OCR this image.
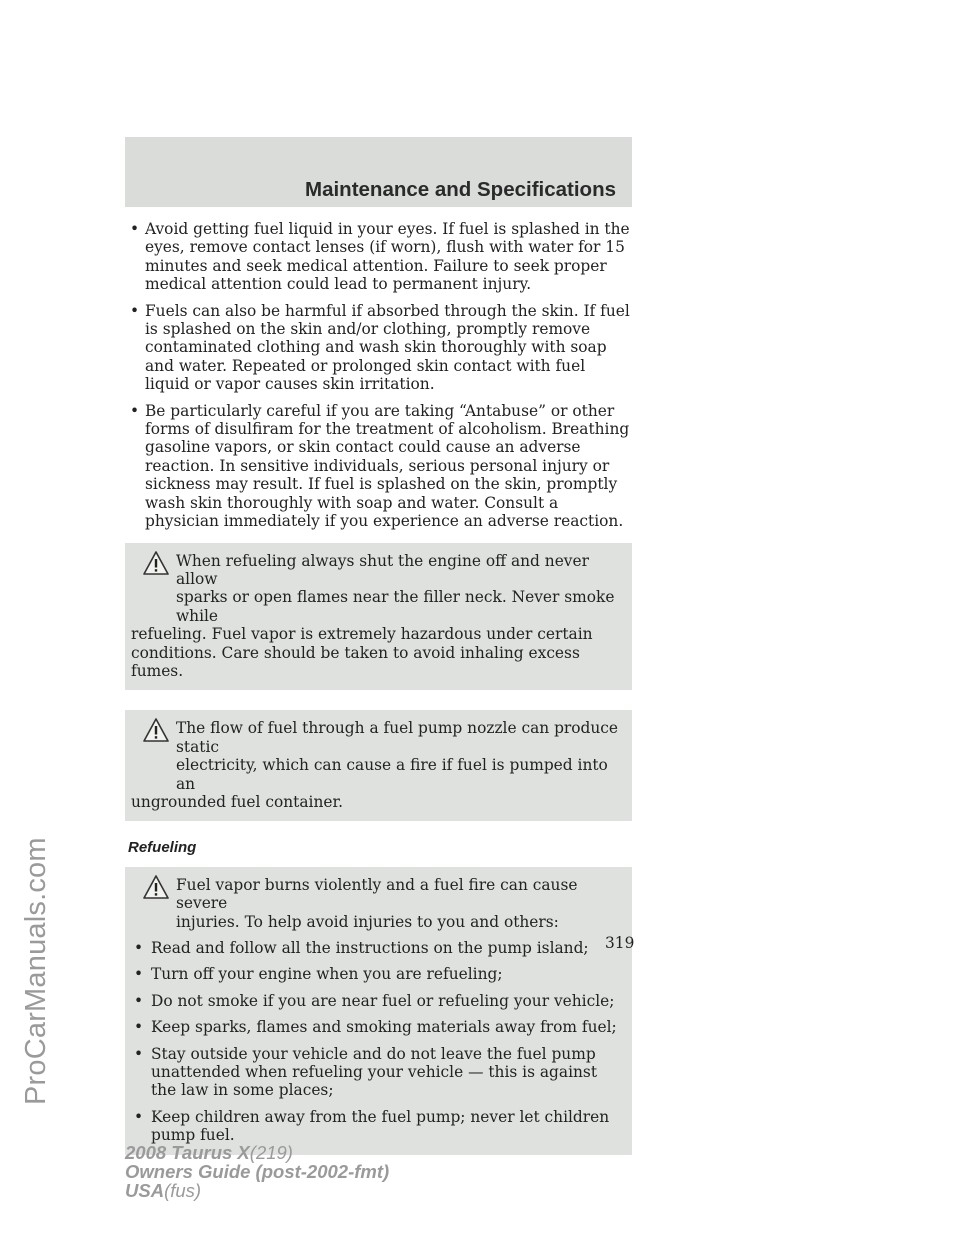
Maintenance and Specifications
ProCarManuals.com
• Avoid getting fuel liquid in your eyes. If fuel is splashed in the eyes, remove contact lenses (if worn), flush with water for 15 minutes and seek medical attention. Failure to seek proper medical attention could lead to permanent injury.
• Fuels can also be harmful if absorbed through the skin. If fuel is splashed on the skin and/or clothing, promptly remove contaminated clothing and wash skin thoroughly with soap and water. Repeated or prolonged skin contact with fuel liquid or vapor causes skin irritation.
• Be particularly careful if you are taking “Antabuse” or other forms of disulfiram for the treatment of alcoholism. Breathing gasoline vapors, or skin contact could cause an adverse reaction. In sensitive individuals, serious personal injury or sickness may result. If fuel is splashed on the skin, promptly wash skin thoroughly with soap and water. Consult a physician immediately if you experience an adverse reaction.

When refueling always shut the engine off and never allow

sparks or open flames near the filler neck. Never smoke while

refueling. Fuel vapor is extremely hazardous under certain conditions. Care should be taken to avoid inhaling excess fumes.

The flow of fuel through a fuel pump nozzle can produce static

electricity, which can cause a fire if fuel is pumped into an

ungrounded fuel container.

Refueling

Fuel vapor burns violently and a fuel fire can cause severe

injuries. To help avoid injuries to you and others:

• Read and follow all the instructions on the pump island;
• Turn off your engine when you are refueling;
• Do not smoke if you are near fuel or refueling your vehicle;
• Keep sparks, flames and smoking materials away from fuel;
• Stay outside your vehicle and do not leave the fuel pump unattended when refueling your vehicle — this is against the law in some places;
• Keep children away from the fuel pump; never let children pump fuel.
319
2008 Taurus X(219)
Owners Guide (post-2002-fmt)
USA(fus)
